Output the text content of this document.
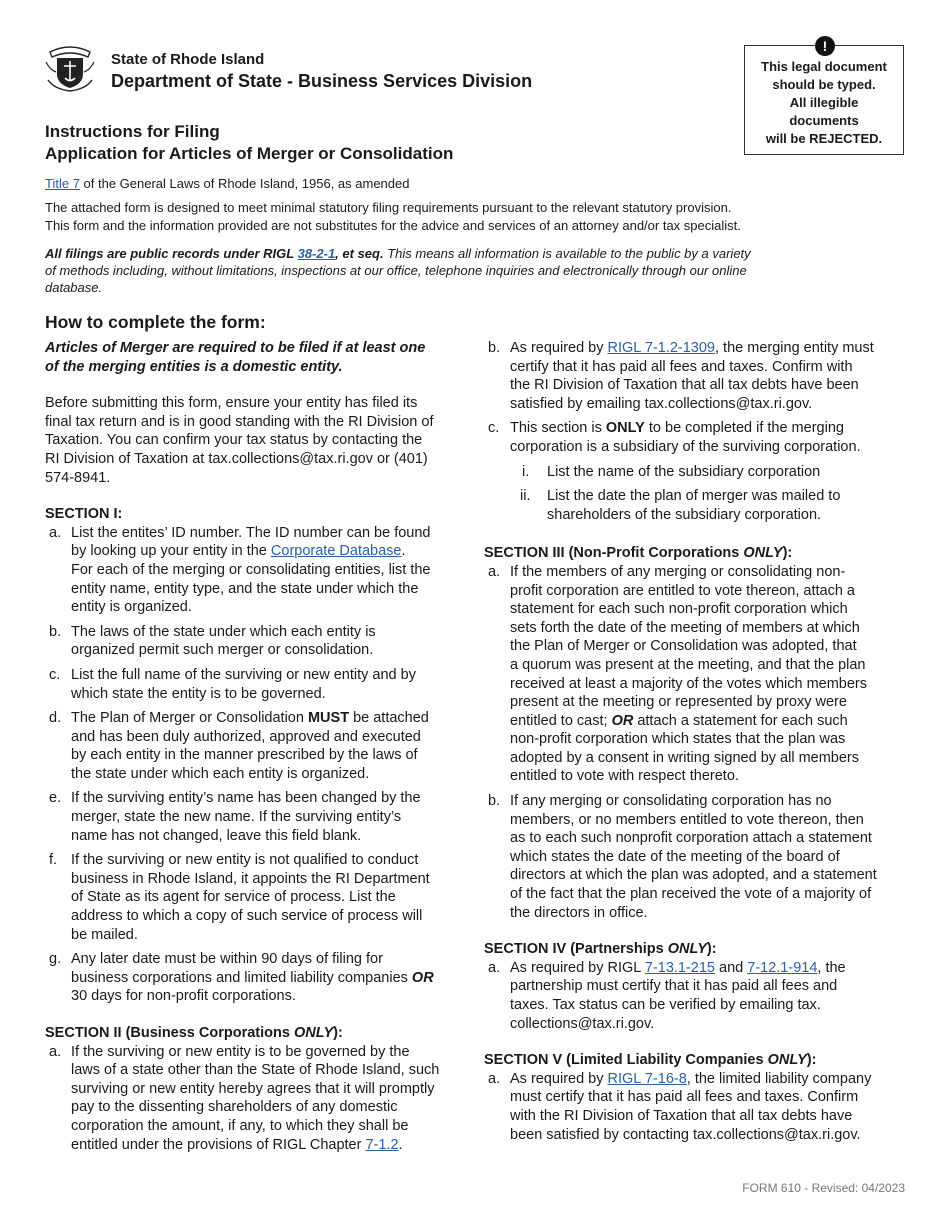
State of Rhode Island
Department of State - Business Services Division
!
This legal document
should be typed.
All illegible
documents
will be REJECTED.
Instructions for Filing
Application for Articles of Merger or Consolidation
Title 7 of the General Laws of Rhode Island, 1956, as amended
The attached form is designed to meet minimal statutory filing requirements pursuant to the relevant statutory provision.
This form and the information provided are not substitutes for the advice and services of an attorney and/or tax specialist.
All filings are public records under RIGL 38-2-1, et seq. This means all information is available to the public by a variety
of methods including, without limitations, inspections at our office, telephone inquiries and electronically through our online
database.
How to complete the form:

Articles of Merger are required to be filed if at least one
of the merging entities is a domestic entity.

Before submitting this form, ensure your entity has filed its
final tax return and is in good standing with the RI Division of
Taxation. You can confirm your tax status by contacting the
RI Division of Taxation at tax.collections@tax.ri.gov or (401)
574-8941.

SECTION I:

a. List the entites’ ID number. The ID number can be found
by looking up your entity in the Corporate Database.
For each of the merging or consolidating entities, list the
entity name, entity type, and the state under which the
entity is organized.
b. The laws of the state under which each entity is
organized permit such merger or consolidation.
c. List the full name of the surviving or new entity and by
which state the entity is to be governed.
d. The Plan of Merger or Consolidation MUST be attached
and has been duly authorized, approved and executed
by each entity in the manner prescribed by the laws of
the state under which each entity is organized.
e. If the surviving entity’s name has been changed by the
merger, state the new name. If the surviving entity’s
name has not changed, leave this field blank.
f. If the surviving or new entity is not qualified to conduct
business in Rhode Island, it appoints the RI Department
of State as its agent for service of process. List the
address to which a copy of such service of process will
be mailed.
g. Any later date must be within 90 days of filing for
business corporations and limited liability companies OR
30 days for non-profit corporations.

SECTION II (Business Corporations ONLY):

a. If the surviving or new entity is to be governed by the
laws of a state other than the State of Rhode Island, such
surviving or new entity hereby agrees that it will promptly
pay to the dissenting shareholders of any domestic
corporation the amount, if any, to which they shall be
entitled under the provisions of RIGL Chapter 7-1.2.
b. As required by RIGL 7-1.2-1309, the merging entity must
certify that it has paid all fees and taxes. Confirm with
the RI Division of Taxation that all tax debts have been
satisfied by emailing tax.collections@tax.ri.gov.
c. This section is ONLY to be completed if the merging
corporation is a subsidiary of the surviving corporation.
i. List the name of the subsidiary corporation
ii. List the date the plan of merger was mailed to
shareholders of the subsidiary corporation.

SECTION III (Non-Profit Corporations ONLY):

a. If the members of any merging or consolidating non-
profit corporation are entitled to vote thereon, attach a
statement for each such non-profit corporation which
sets forth the date of the meeting of members at which
the Plan of Merger or Consolidation was adopted, that
a quorum was present at the meeting, and that the plan
received at least a majority of the votes which members
present at the meeting or represented by proxy were
entitled to cast; OR attach a statement for each such
non-profit corporation which states that the plan was
adopted by a consent in writing signed by all members
entitled to vote with respect thereto.
b. If any merging or consolidating corporation has no
members, or no members entitled to vote thereon, then
as to each such nonprofit corporation attach a statement
which states the date of the meeting of the board of
directors at which the plan was adopted, and a statement
of the fact that the plan received the vote of a majority of
the directors in office.

SECTION IV (Partnerships ONLY):

a. As required by RIGL 7-13.1-215 and 7-12.1-914, the
partnership must certify that it has paid all fees and
taxes. Tax status can be verified by emailing tax.
collections@tax.ri.gov.

SECTION V (Limited Liability Companies ONLY):

a. As required by RIGL 7-16-8, the limited liability company
must certify that it has paid all fees and taxes. Confirm
with the RI Division of Taxation that all tax debts have
been satisfied by contacting tax.collections@tax.ri.gov.
FORM 610 - Revised: 04/2023
